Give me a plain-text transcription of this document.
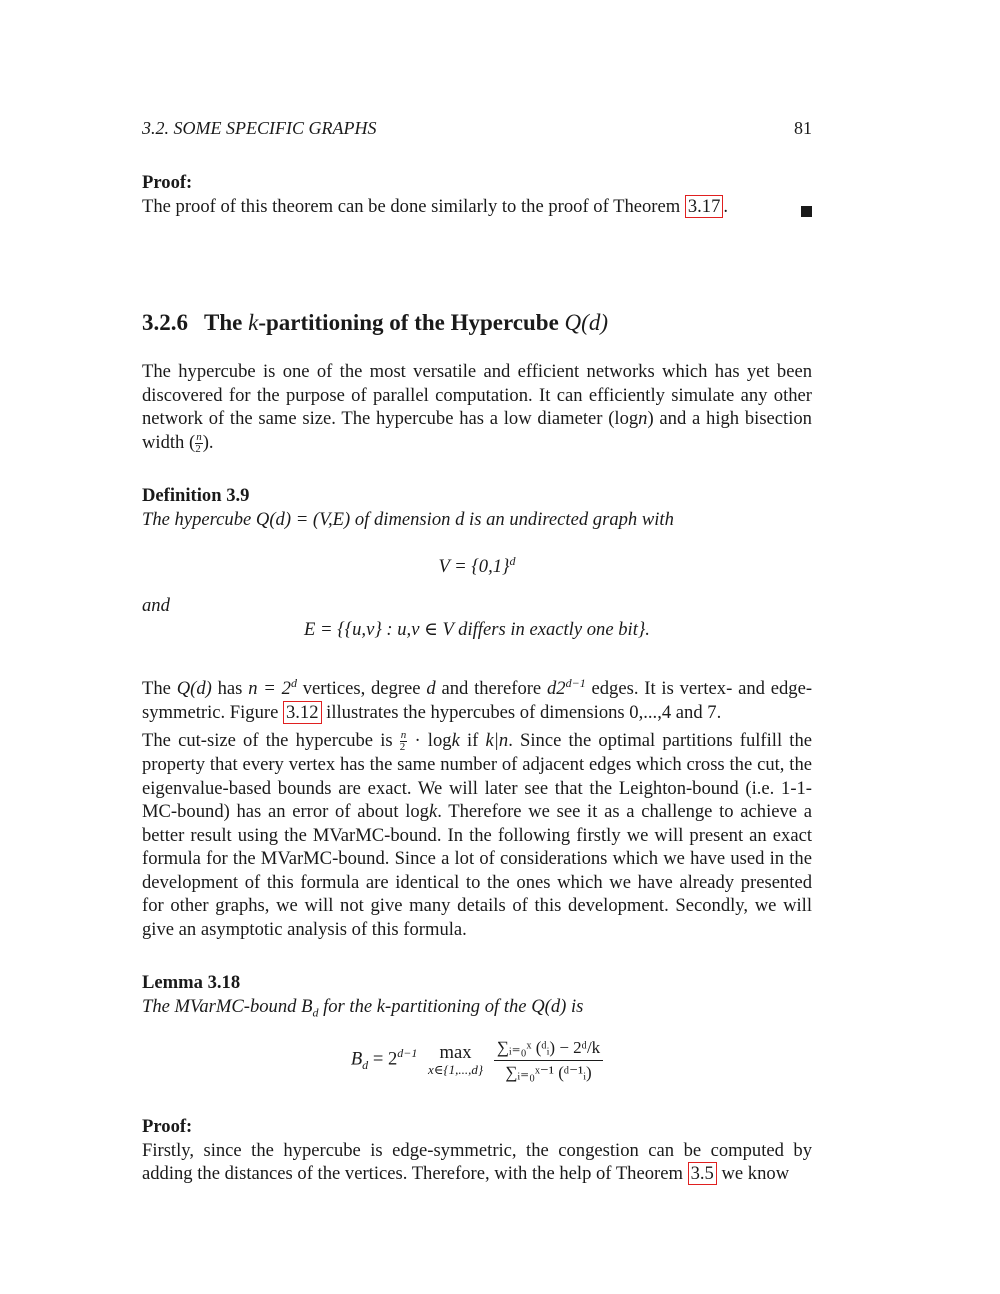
3.2. SOME SPECIFIC GRAPHS	81
Proof:
The proof of this theorem can be done similarly to the proof of Theorem 3.17 .
3.2.6 The k-partitioning of the Hypercube Q(d)
The hypercube is one of the most versatile and efficient networks which has yet been discovered for the purpose of parallel computation. It can efficiently simulate any other network of the same size. The hypercube has a low diameter (logn) and a high bisection width ( $\frac{n}{2}$ ).
Definition 3.9
The hypercube Q(d) = (V,E) of dimension d is an undirected graph with
$V = \{0,1\}^d$
and
E = {{u,v} : u,v ∈ V differs in exactly one bit}.
The Q(d) has $n = 2^d$ vertices, degree d and therefore $d2^{d-1}$ edges. It is vertex- and edge-symmetric. Figure 3.12 illustrates the hypercubes of dimensions 0,...,4 and 7.
The cut-size of the hypercube is $\frac{n}{2} \cdot \log k$ if k|n. Since the optimal partitions fulfill the property that every vertex has the same number of adjacent edges which cross the cut, the eigenvalue-based bounds are exact. We will later see that the Leighton-bound (i.e. 1-1-MC-bound) has an error of about logk. Therefore we see it as a challenge to achieve a better result using the MVarMC-bound. In the following firstly we will present an exact formula for the MVarMC-bound. Since a lot of considerations which we have used in the development of this formula are identical to the ones which we have already presented for other graphs, we will not give many details of this development. Secondly, we will give an asymptotic analysis of this formula.
Lemma 3.18
The MVarMC-bound $B_d$ for the k-partitioning of the Q(d) is
$B_d = 2^{d-1}$ max
x∈{1,...,d}
$\frac{\text{∑ᵢ₌₀ˣ (ᵈᵢ) − 2ᵈ/k}}{\text{∑ᵢ₌₀ˣ⁻¹ (ᵈ⁻¹ᵢ)}}$
Proof:
Firstly, since the hypercube is edge-symmetric, the congestion can be computed by adding the distances of the vertices. Therefore, with the help of Theorem 3.5 we know
